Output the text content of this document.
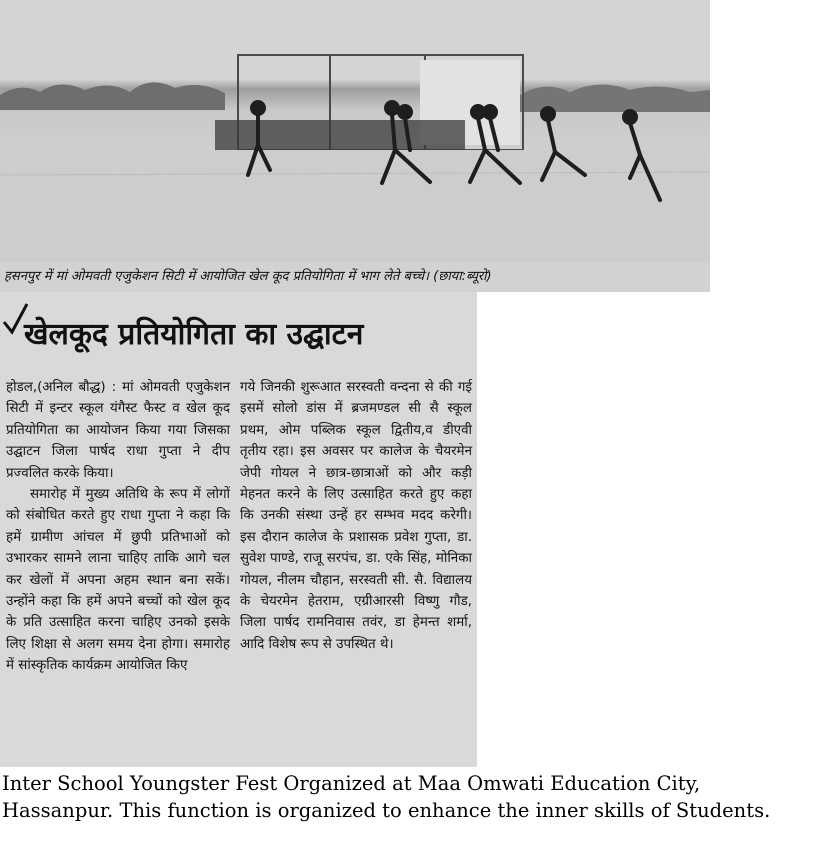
हसनपुर में मां ओमवती एजुकेशन सिटी में आयोजित खेल कूद प्रतियोगिता में भाग लेते बच्चे। (छाया:ब्यूरो)
खेलकूद प्रतियोगिता का उद्घाटन

होडल,(अनिल बौद्ध) : मां ओमवती एजुकेशन सिटी में इन्टर स्कूल यंगैस्ट फैस्ट व खेल कूद प्रतियोगिता का आयोजन किया गया जिसका उद्घाटन जिला पार्षद राधा गुप्ता ने दीप प्रज्वलित करके किया।

समारोह में मुख्य अतिथि के रूप में लोगों को संबोधित करते हुए राधा गुप्ता ने कहा कि हमें ग्रामीण आंचल में छुपी प्रतिभाओं को उभारकर सामने लाना चाहिए ताकि आगे चल कर खेलों में अपना अहम स्थान बना सकें। उन्होंने कहा कि हमें अपने बच्चों को खेल कूद के प्रति उत्साहित करना चाहिए उनको इसके लिए शिक्षा से अलग समय देना होगा। समारोह में सांस्कृतिक कार्यक्रम आयोजित किए

गये जिनकी शुरूआत सरस्वती वन्दना से की गई इसमें सोलो डांस में ब्रजमण्डल सी सै स्कूल प्रथम, ओम पब्लिक स्कूल द्वितीय,व डीएवी तृतीय रहा। इस अवसर पर कालेज के चैयरमेन जेपी गोयल ने छात्र-छात्राओं को और कड़ी मेहनत करने के लिए उत्साहित करते हुए कहा कि उनकी संस्था उन्हें हर सम्भव मदद करेगी। इस दौरान कालेज के प्रशासक प्रवेश गुप्ता, डा. सुवेश पाण्डे, राजू सरपंच, डा. एके सिंह, मोनिका गोयल, नीलम चौहान, सरस्वती सी. सै. विद्यालय के चेयरमेन हेतराम, एग्रीआरसी विष्णु गौड, जिला पार्षद रामनिवास तवंर, डा हेमन्त शर्मा, आदि विशेष रूप से उपस्थित थे।

Inter School Youngster Fest Organized at Maa Omwati Education City,
Hassanpur. This function is organized to enhance the inner skills of Students.
